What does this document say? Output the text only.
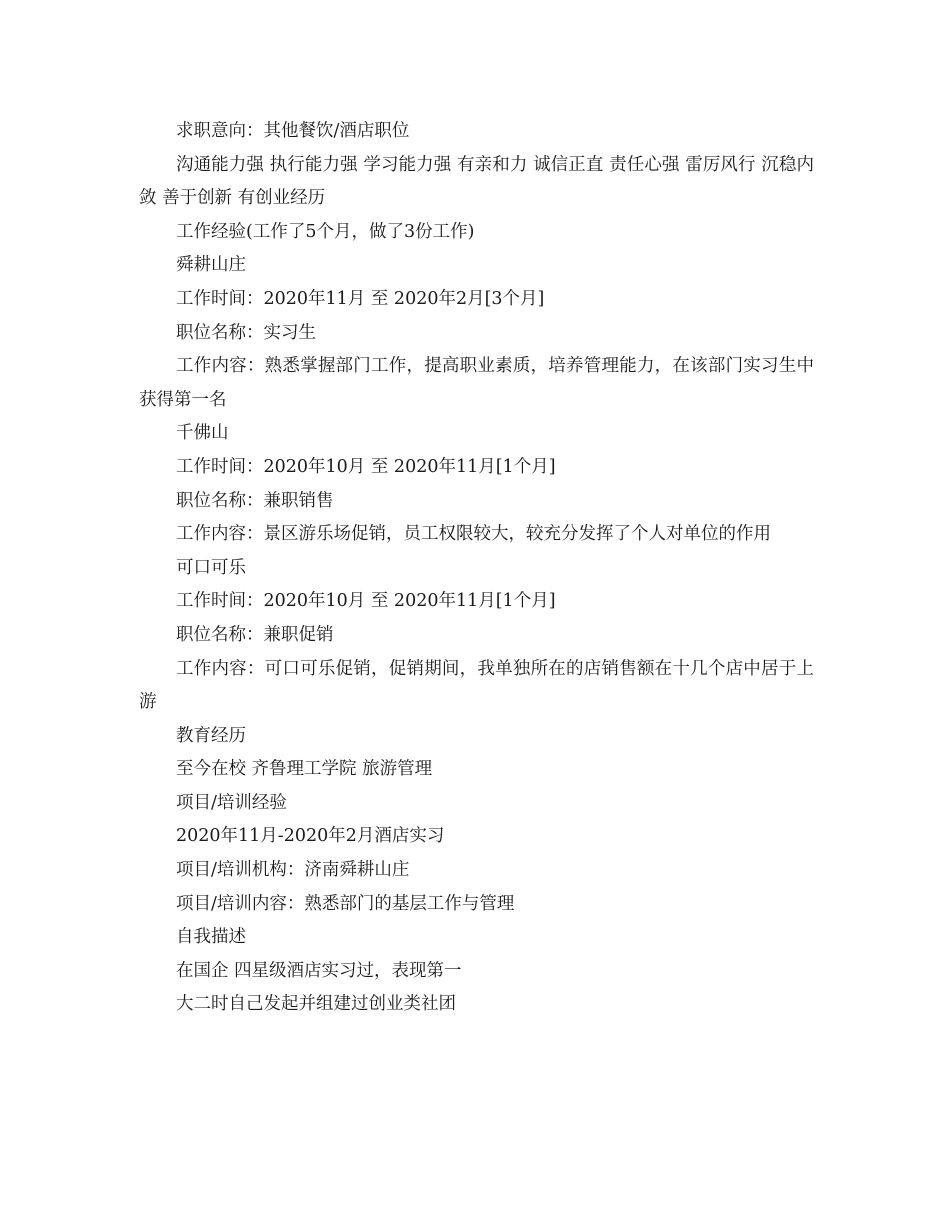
求职意向：其他餐饮/酒店职位

沟通能力强 执行能力强 学习能力强 有亲和力 诚信正直 责任心强 雷厉风行 沉稳内敛 善于创新 有创业经历

工作经验(工作了5个月，做了3份工作)

舜耕山庄

工作时间：2020年11月 至 2020年2月[3个月]

职位名称：实习生

工作内容：熟悉掌握部门工作，提高职业素质，培养管理能力，在该部门实习生中获得第一名

千佛山

工作时间：2020年10月 至 2020年11月[1个月]

职位名称：兼职销售

工作内容：景区游乐场促销，员工权限较大，较充分发挥了个人对单位的作用

可口可乐

工作时间：2020年10月 至 2020年11月[1个月]

职位名称：兼职促销

工作内容：可口可乐促销，促销期间，我单独所在的店销售额在十几个店中居于上游

教育经历

至今在校 齐鲁理工学院 旅游管理

项目/培训经验

2020年11月-2020年2月酒店实习

项目/培训机构：济南舜耕山庄

项目/培训内容：熟悉部门的基层工作与管理

自我描述

在国企 四星级酒店实习过，表现第一

大二时自己发起并组建过创业类社团
